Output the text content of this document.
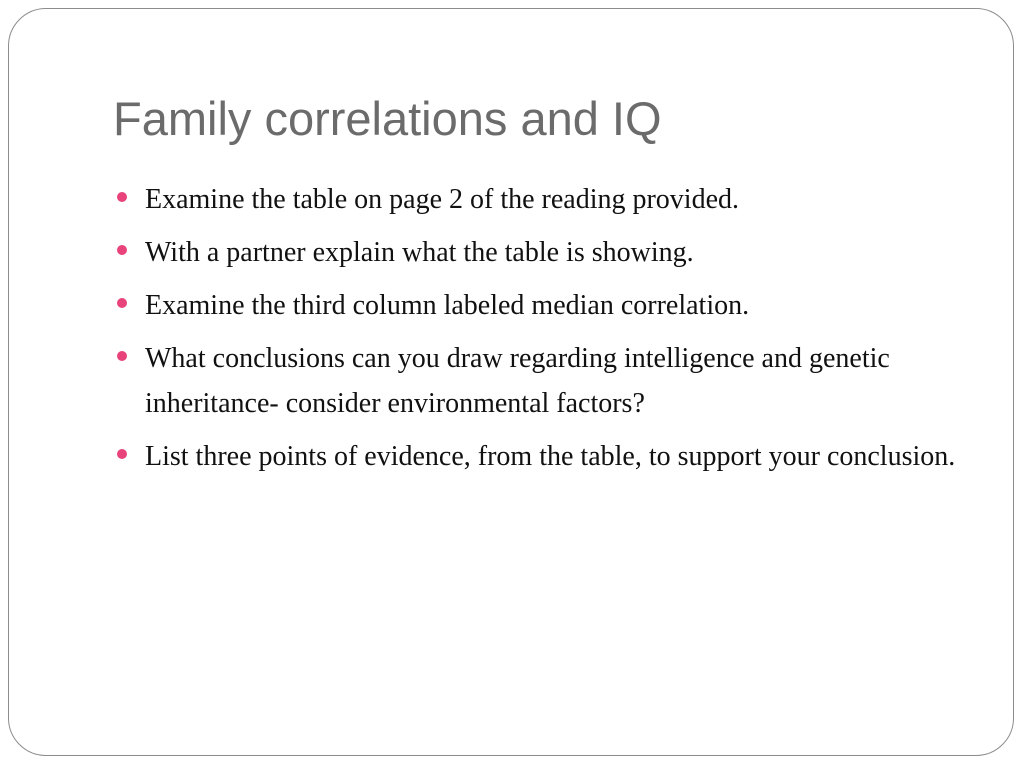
Family correlations and IQ
Examine the table on page 2 of the reading provided.
With a partner explain what the table is showing.
Examine the third column labeled median correlation.
What conclusions can you draw regarding intelligence and genetic inheritance- consider environmental factors?
List three points of evidence, from the table, to support your conclusion.
